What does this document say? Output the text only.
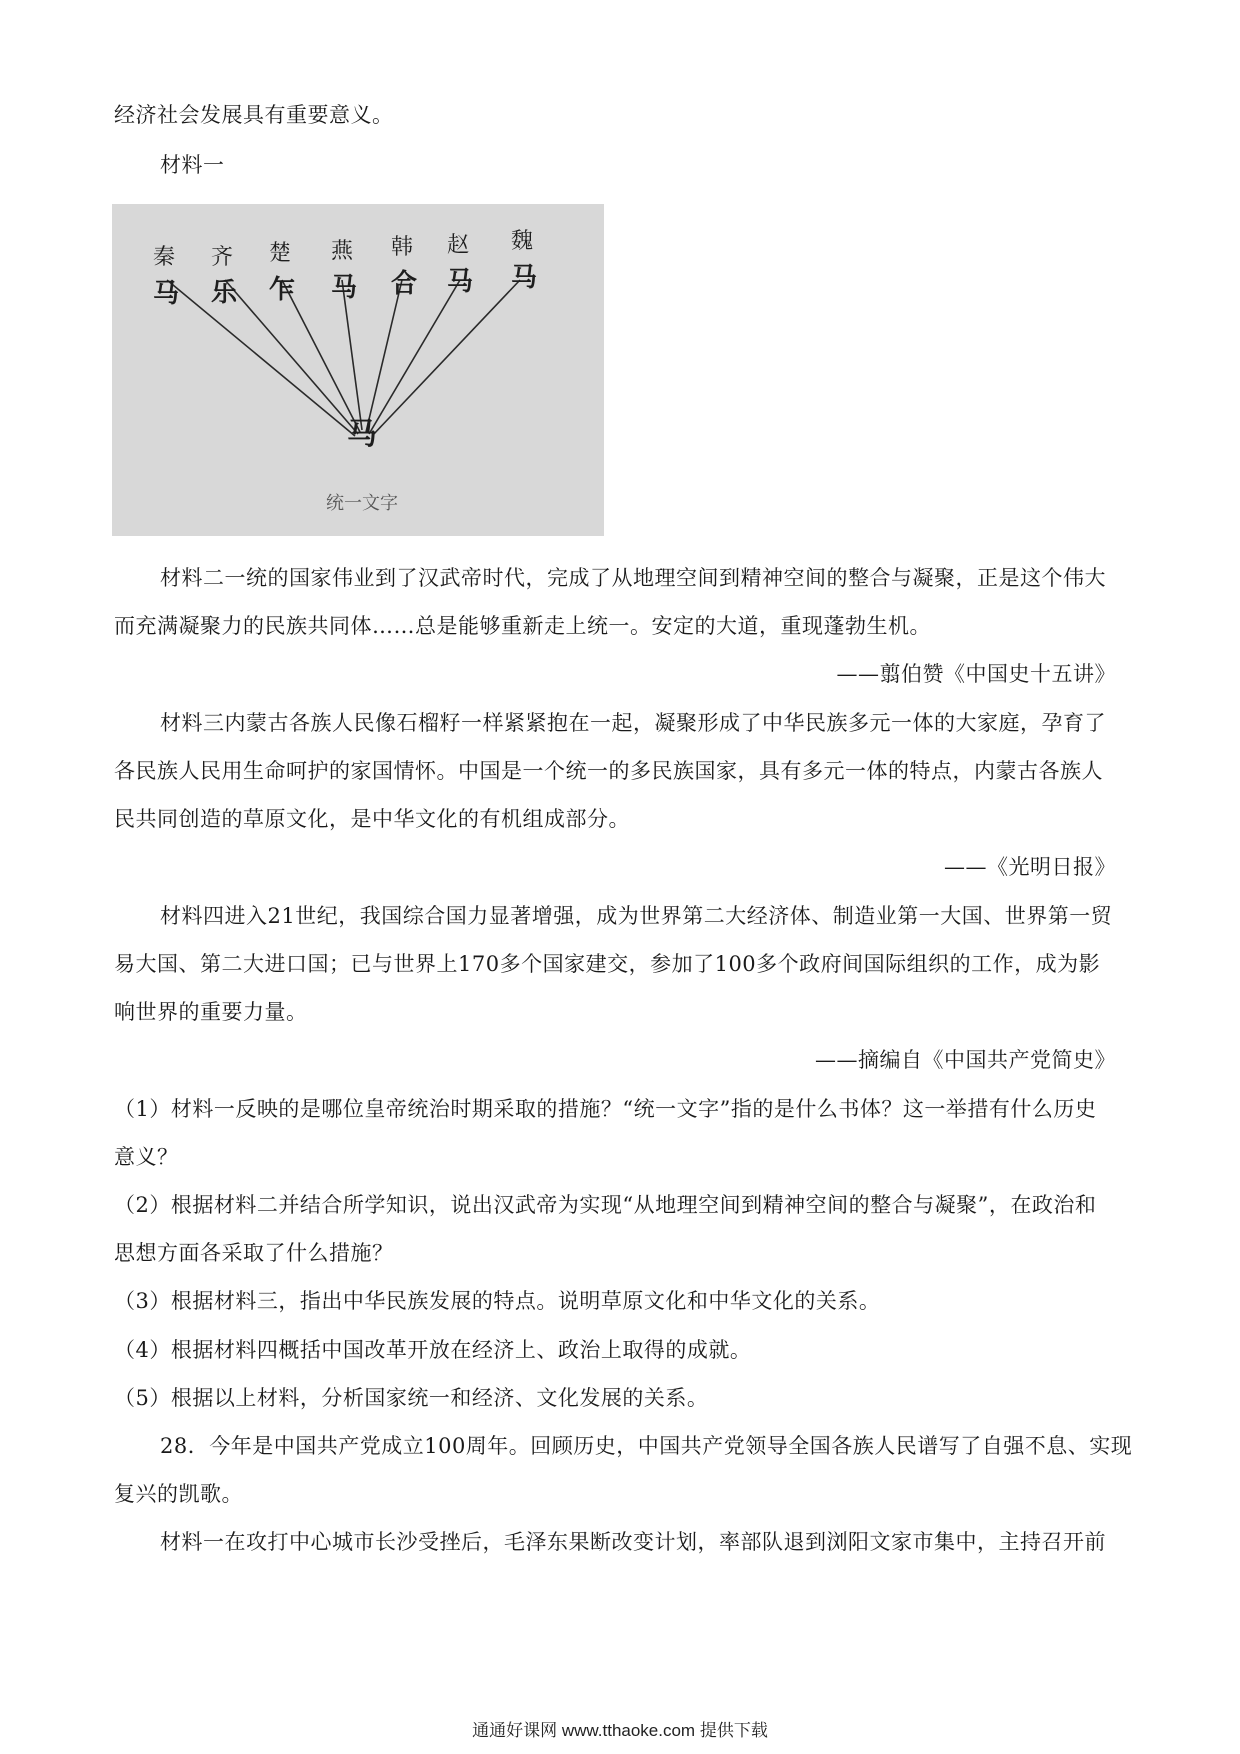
经济社会发展具有重要意义。
材料一
秦 齐 楚 燕 韩 赵 魏
马 乐 乍 马 合 马 马
马
统一文字
材料二一统的国家伟业到了汉武帝时代，完成了从地理空间到精神空间的整合与凝聚，正是这个伟大
而充满凝聚力的民族共同体……总是能够重新走上统一。安定的大道，重现蓬勃生机。
——翦伯赞《中国史十五讲》
材料三内蒙古各族人民像石榴籽一样紧紧抱在一起，凝聚形成了中华民族多元一体的大家庭，孕育了
各民族人民用生命呵护的家国情怀。中国是一个统一的多民族国家，具有多元一体的特点，内蒙古各族人
民共同创造的草原文化，是中华文化的有机组成部分。
——《光明日报》
材料四进入21世纪，我国综合国力显著增强，成为世界第二大经济体、制造业第一大国、世界第一贸
易大国、第二大进口国；已与世界上170多个国家建交，参加了100多个政府间国际组织的工作，成为影
响世界的重要力量。
——摘编自《中国共产党简史》
（1）材料一反映的是哪位皇帝统治时期采取的措施？“统一文字”指的是什么书体？这一举措有什么历史
意义？
（2）根据材料二并结合所学知识，说出汉武帝为实现“从地理空间到精神空间的整合与凝聚”，在政治和
思想方面各采取了什么措施？
（3）根据材料三，指出中华民族发展的特点。说明草原文化和中华文化的关系。
（4）根据材料四概括中国改革开放在经济上、政治上取得的成就。
（5）根据以上材料，分析国家统一和经济、文化发展的关系。
28．今年是中国共产党成立100周年。回顾历史，中国共产党领导全国各族人民谱写了自强不息、实现
复兴的凯歌。
材料一在攻打中心城市长沙受挫后，毛泽东果断改变计划，率部队退到浏阳文家市集中，主持召开前
通通好课网 www.tthaoke.com 提供下载
